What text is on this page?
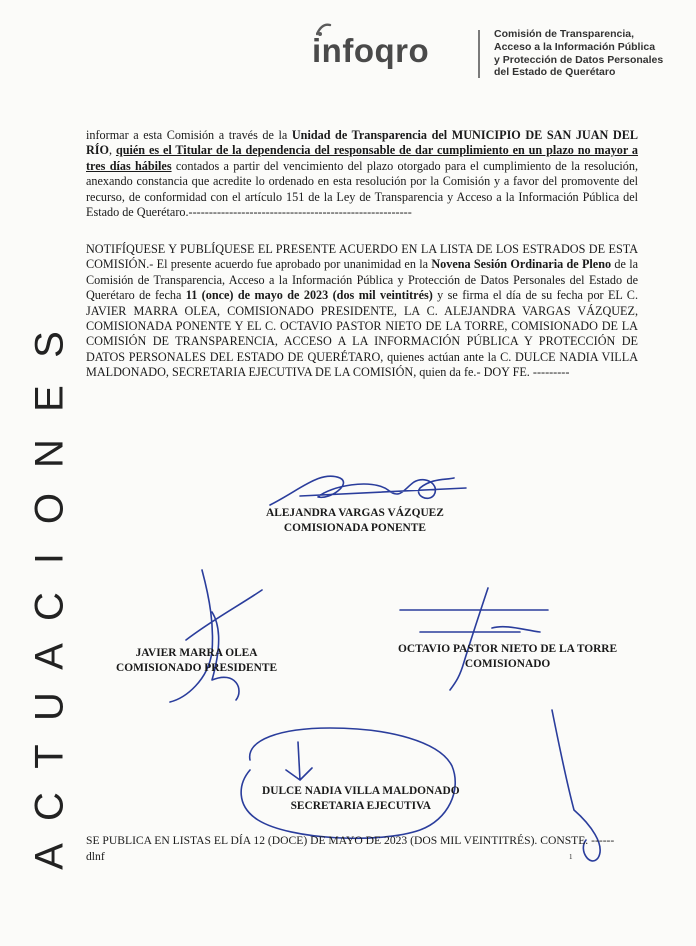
infoqro	Comisión de Transparencia,
Acceso a la Información Pública
y Protección de Datos Personales
del Estado de Querétaro
A
C
T
U
A
C
I
O
N
E
S
informar a esta Comisión a través de la Unidad de Transparencia del MUNICIPIO DE SAN JUAN DEL RÍO, quién es el Titular de la dependencia del responsable de dar cumplimiento en un plazo no mayor a tres días hábiles contados a partir del vencimiento del plazo otorgado para el cumplimiento de la resolución, anexando constancia que acredite lo ordenado en esta resolución por la Comisión y a favor del promovente del recurso, de conformidad con el artículo 151 de la Ley de Transparencia y Acceso a la Información Pública del Estado de Querétaro.-------------------------------------------------------
NOTIFÍQUESE Y PUBLÍQUESE EL PRESENTE ACUERDO EN LA LISTA DE LOS ESTRADOS DE ESTA COMISIÓN.- El presente acuerdo fue aprobado por unanimidad en la Novena Sesión Ordinaria de Pleno de la Comisión de Transparencia, Acceso a la Información Pública y Protección de Datos Personales del Estado de Querétaro de fecha 11 (once) de mayo de 2023 (dos mil veintitrés) y se firma el día de su fecha por EL C. JAVIER MARRA OLEA, COMISIONADO PRESIDENTE, LA C. ALEJANDRA VARGAS VÁZQUEZ, COMISIONADA PONENTE Y EL C. OCTAVIO PASTOR NIETO DE LA TORRE, COMISIONADO DE LA COMISIÓN DE TRANSPARENCIA, ACCESO A LA INFORMACIÓN PÚBLICA Y PROTECCIÓN DE DATOS PERSONALES DEL ESTADO DE QUERÉTARO, quienes actúan ante la C. DULCE NADIA VILLA MALDONADO, SECRETARIA EJECUTIVA DE LA COMISIÓN, quien da fe.- DOY FE. ---------
ALEJANDRA VARGAS VÁZQUEZ
COMISIONADA PONENTE
JAVIER MARRA OLEA
COMISIONADO PRESIDENTE
OCTAVIO PASTOR NIETO DE LA TORRE
COMISIONADO
DULCE NADIA VILLA MALDONADO
SECRETARIA EJECUTIVA
SE PUBLICA EN LISTAS EL DÍA 12 (DOCE) DE MAYO DE 2023 (DOS MIL VEINTITRÉS). CONSTE. ------
dlnf	1
